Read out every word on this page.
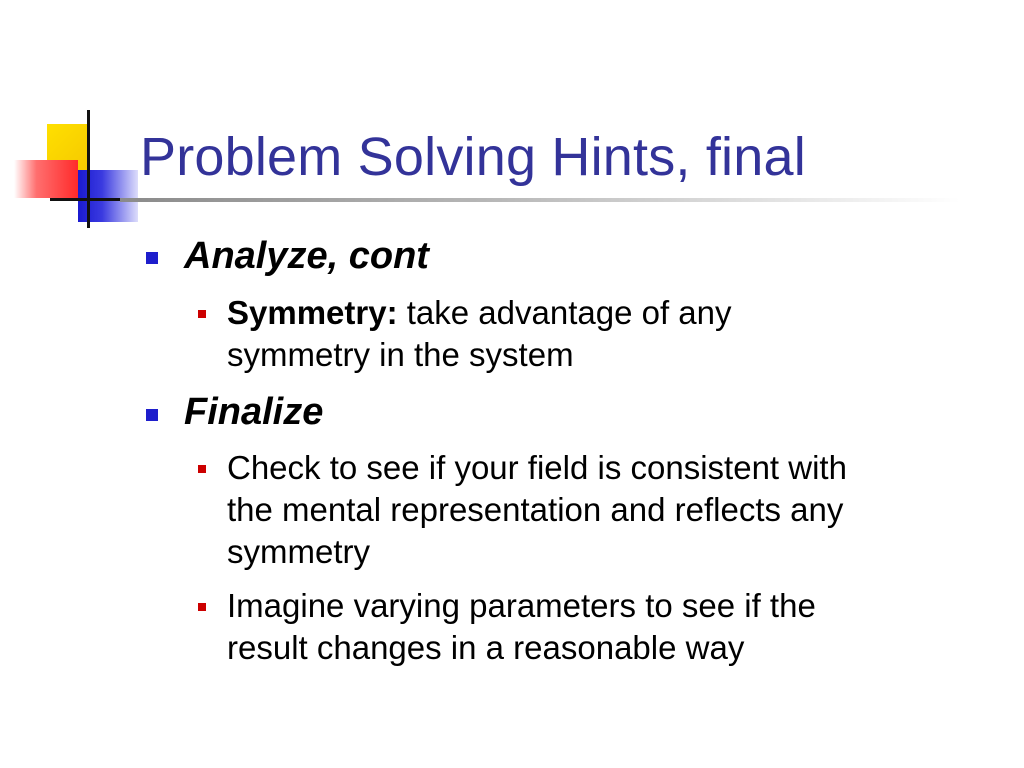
Problem Solving Hints, final
Analyze, cont
Symmetry: take advantage of any
symmetry in the system
Finalize
Check to see if your field is consistent with
the mental representation and reflects any
symmetry
Imagine varying parameters to see if the
result changes in a reasonable way
